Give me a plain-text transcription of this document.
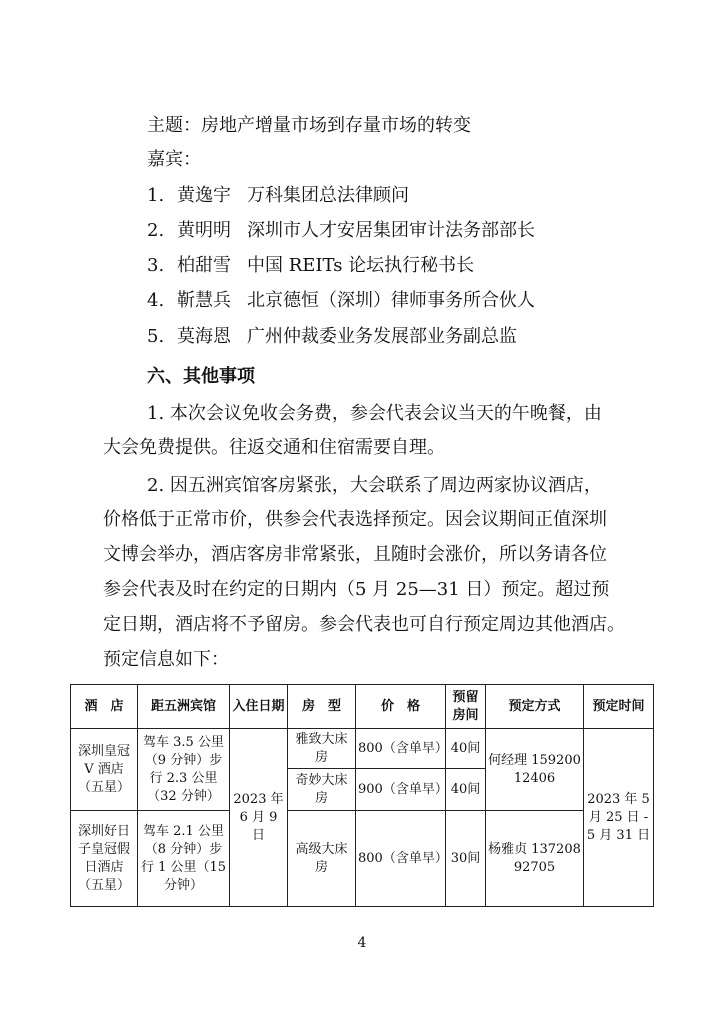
主题：房地产增量市场到存量市场的转变
嘉宾：
1. 黄逸宇 万科集团总法律顾问
2. 黄明明 深圳市人才安居集团审计法务部部长
3. 柏甜雪 中国 REITs 论坛执行秘书长
4. 靳慧兵 北京德恒（深圳）律师事务所合伙人
5. 莫海恩 广州仲裁委业务发展部业务副总监
六、其他事项
1. 本次会议免收会务费，参会代表会议当天的午晚餐，由
大会免费提供。往返交通和住宿需要自理。
2. 因五洲宾馆客房紧张，大会联系了周边两家协议酒店，
价格低于正常市价，供参会代表选择预定。因会议期间正值深圳
文博会举办，酒店客房非常紧张，且随时会涨价，所以务请各位
参会代表及时在约定的日期内（5 月 25—31 日）预定。超过预
定日期，酒店将不予留房。参会代表也可自行预定周边其他酒店。
预定信息如下：
酒　店	距五洲宾馆	入住日期	房　型	价　格	预留房间	预定方式	预定时间
深圳皇冠 V 酒店（五星）	驾车 3.5 公里（9 分钟）步行 2.3 公里（32 分钟）	2023 年 6 月 9 日	雅致大床房	800（含单早）	40间	何经理 15920012406	2023 年 5 月 25 日 -5 月 31 日
			奇妙大床房	900（含单早）	40间		
深圳好日子皇冠假日酒店（五星）	驾车 2.1 公里（8 分钟）步行 1 公里（15 分钟）		高级大床房	800（含单早）	30间	杨雅贞 13720892705	
4
